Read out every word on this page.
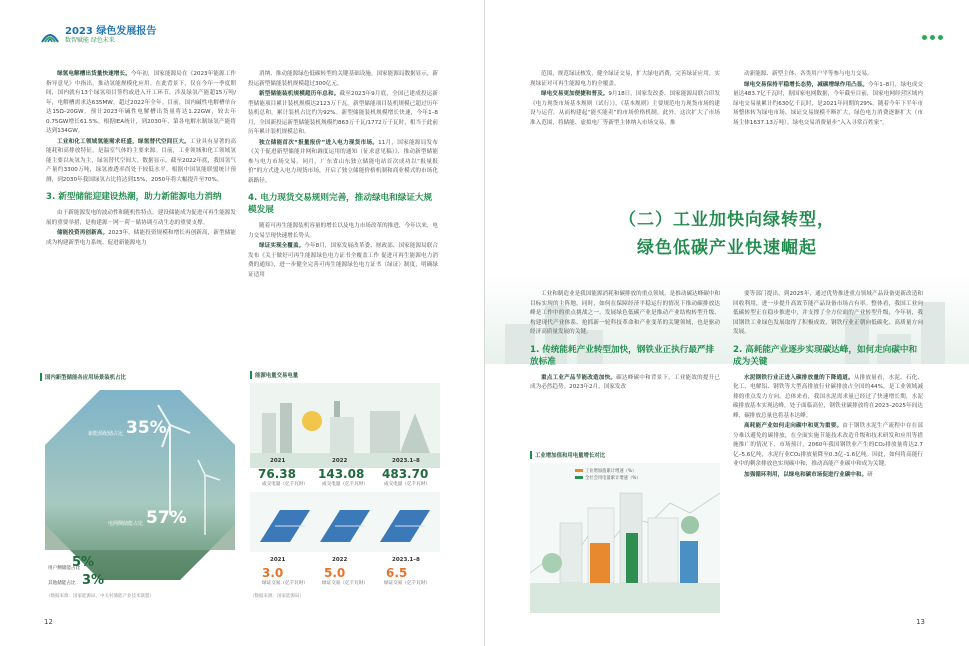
2023 绿色发展报告
数智赋能 绿色未来

绿氢电解槽出货量快速增长。今年初，国家能源局在《2023年能源工作指导意见》中指出，推动氢能规模化应用。在此背景下，仅在今年一季度期间，国内就有13个绿氢项目签约或进入开工环节，涉及绿氢产能超15万吨/年，电解槽需求达635MW，超过2022年全年。目前，国内碱性电解槽单台达15Ω–20GW，预计2023年碱性电解槽出货量将达1.22GW，较去年0.75GW增长61.5%。根据IEA统计，到2030年，第各电解水制绿氢产能将达到134GW。

工业和化工领域氢能需求旺盛，绿氢替代空间巨大。工业具有显著的高能耗和高排放特征，是温室气体的主要来源。目前，工业领域和化工领域氢能主要以灰氢为主，绿氢替代空间大。数据显示，截至2022年底，我国氢气产量约3300万吨，绿氢渗透率尚处于较低水平。根据中国氢能联盟统计预测，到2030年我国绿氢占比将达到15%，2050年将大幅提升至70%。

3. 新型储能迎建设热潮，助力新能源电力消纳

由于新能源发电的波动性和随机性特点，建设储能成为促进可再生能源发展的重要举措，是构建源－网－荷－储协调互动生态的重要支撑。

储能投资再创新高。2023年，储能投资规模和增长再创新高，新型储能成为构建新型电力系统、促进新能源电力

国内新型储能各应用场景装机占比
新能源配储占比 35%
电网侧储能占比 57%
用户侧储能占比
5%
其他储能占比 3%
（数据来源：国家能源局、中关村储能产业技术联盟）

消纳、推动能源绿色低碳转型的关键基础设施。国家能源局数据显示，新投运新型储能装机规模超过300亿元。

新型储能装机规模超历年总和。截至2023年9月底，全国已建成投运新型储能项目累计装机规模达2123万千瓦。新型储能项目装机规模已超过历年装机总和。累计装机占比约为92%。新型储能装机规模增长快速，今年1–8月，全国新投运新型储能装机规模约863万千瓦/1772万千瓦时，相当于此前历年累计装机规模总和。

独立储能首次“报量报价”进入电力现货市场。11月，国家能源局发布《关于促进新型储能并网和调度运用的通知（征求意见稿）》，推动新型储能参与电力市场交易。同月，广东省山东独立储能电站首次成功以“报量报价”的方式进入电力现货市场，开启了独立储能价格机制和商业模式的市场化新路径。

4. 电力现货交易规则完善，推动绿电和绿证大规模发展

随着可再生能源装机容量的增长以及电力市场改革的推进，今年以来，电力交易呈现快速增长势头。

绿证实现全覆盖。今年8月，国家发展改革委、财政部、国家能源局联合发布《关于做好可再生能源绿色电力证书全覆盖工作 促进可再生能源电力消费的通知》，进一步健全完善可再生能源绿色电力证书（绿证）制度，明确绿证适用

能源电量交易电量
2021	2022	2023.1–8
76.38 143.08 483.70
成交电量（亿千瓦时）	成交电量（亿千瓦时）	成交电量（亿千瓦时）
2021	2022	2023.1–8
3.0	5.0	6.5
绿证交易（亿千瓦时）	绿证交易（亿千瓦时）	绿证交易（亿千瓦时）
（数据来源：国家能源局）
12

范围，规范绿证核发，健全绿证交易，扩大绿电消费，完善绿证应用，实现绿证对可再生能源电力的全覆盖。

绿电交易更加便捷和普及。9月18日，国家发改委、国家能源局联合印发《电力现货市场基本规则（试行）》，《基本规则》主要规范电力现货市场的建设与运营，从而构建起“能买能卖”的市场价格机制。此外，这次扩大了市场准入范围，将储能、虚拟电厂等新型主体纳入市场交易，推

动新能源、新型主体、各类用户平等参与电力交易。

绿电交易保持平稳增长态势，减碳增绿作用凸显。今年1–8月，绿电成交量达483.7亿千瓦时，据国家电网数据，今年截至目前，国家电网经营区域内绿电交易量累计约630亿千瓦时，是2021年同期的29%。随着今年下半年市场整体转为绿电市场、绿证交易规模不断扩大，绿色电力消费逐渐扩大（市场主体1637.13万吨）。绿电交易消费量步“入入寻常百姓家”。

（二）工业加快向绿转型，
绿色低碳产业快速崛起

工业和制造业是我国能源消耗和碳排放的重点领域，是推动碳达峰碳中和目标实现的主阵地。同时，如何在保障经济平稳运行的情况下推动碳排放达峰是工作中的重点挑战之一。发展绿色低碳产业是推动产业结构转型升级、构建现代产业体系、抢抓新一轮科技革命和产业变革的关键领域，也是驱动经济高质量发展的关键。

1. 传统能耗产业转型加快，钢铁业正执行最严排放标准

重点工业产品节能改造加快。碳达峰碳中和背景下，工业能效的提升已成为必然趋势。2023年2月，国家发改

工业增加值和用电量增长对比
工业增加值累计增速（%）
全社会用电量累计增速（%）

要等部门提出，到2025年，通过优势推进重点领域产品设备更新改造和回收利用，进一步提升高效节能产品设备市场占有率。整体看，我国工业向低碳转型正在稳步推进中，并支撑了全方位面的产业转型升级，今年初，我国钢铁工业绿色发展取得了积极成效，钢铁行业正朝向低碳化、高质量方向发展。

2. 高耗能产业逐步实现碳达峰，如何走向碳中和成为关键

水泥钢铁行业正进入碳排放量的下降通道。从排放量看，水泥、石化、化工、电解铝、钢铁等大型高排放行业碳排放占全国的44%，是工业领域减排的重点发力方向。总体来看，我国水泥需求量已经过了快速增长期，水泥碳排放基本实现达峰，处于面临高位，钢铁业碳排放将在2023–2025年间达峰，碳排放总量也将基本达峰。

高耗能产业如何走向碳中和更为重要。由于钢铁水泥生产流程中存在部分难以避免的碳排放，在全面实施节能技术改造升级和技术研发和应用等措施推广的情况下，市场预计，2060年我国钢铁业产生的CO₂排放量将达2.7亿–5.6亿吨，水泥行业CO₂排放量降至0.3亿–1.6亿吨。因此，如何将高能行业中的剩余排放也实现碳中和，推动高能产业碳中和成为关键。

加强循环利用，以绿电和碳市场促进行业碳中和。研

13
